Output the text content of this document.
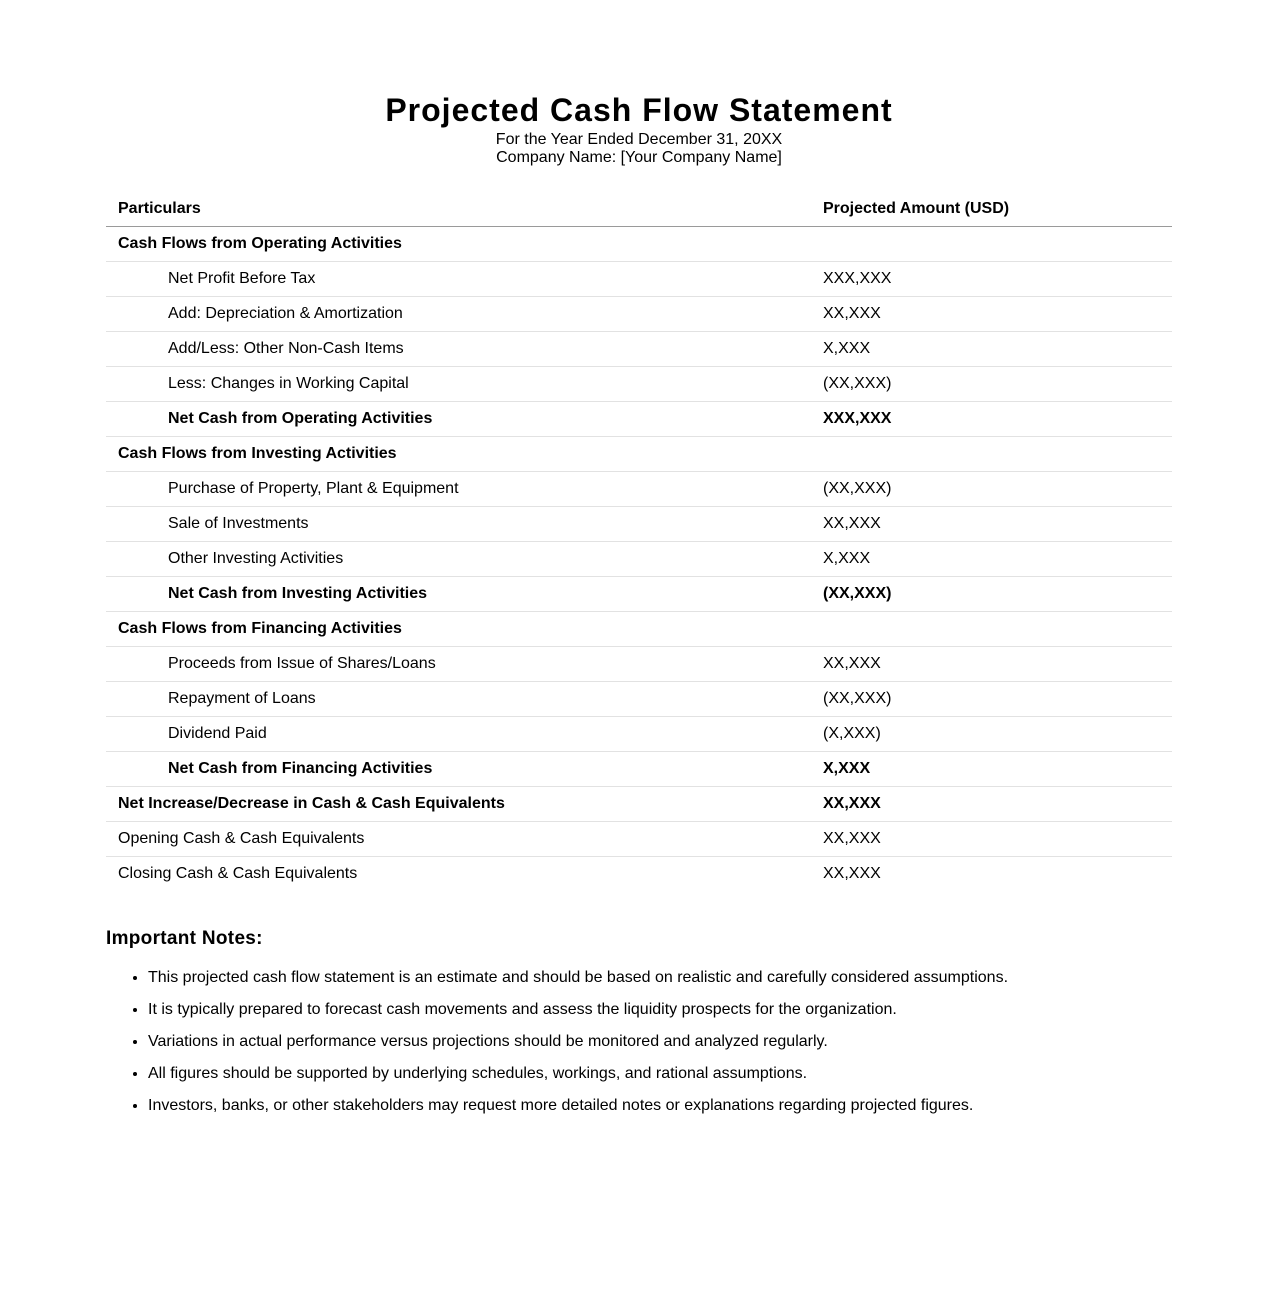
Projected Cash Flow Statement
For the Year Ended December 31, 20XX
Company Name: [Your Company Name]
Particulars	Projected Amount (USD)
Cash Flows from Operating Activities	
Net Profit Before Tax	XXX,XXX
Add: Depreciation & Amortization	XX,XXX
Add/Less: Other Non-Cash Items	X,XXX
Less: Changes in Working Capital	(XX,XXX)
Net Cash from Operating Activities	XXX,XXX
Cash Flows from Investing Activities	
Purchase of Property, Plant & Equipment	(XX,XXX)
Sale of Investments	XX,XXX
Other Investing Activities	X,XXX
Net Cash from Investing Activities	(XX,XXX)
Cash Flows from Financing Activities	
Proceeds from Issue of Shares/Loans	XX,XXX
Repayment of Loans	(XX,XXX)
Dividend Paid	(X,XXX)
Net Cash from Financing Activities	X,XXX
Net Increase/Decrease in Cash & Cash Equivalents	XX,XXX
Opening Cash & Cash Equivalents	XX,XXX
Closing Cash & Cash Equivalents	XX,XXX
Important Notes:
• This projected cash flow statement is an estimate and should be based on realistic and carefully considered assumptions.
• It is typically prepared to forecast cash movements and assess the liquidity prospects for the organization.
• Variations in actual performance versus projections should be monitored and analyzed regularly.
• All figures should be supported by underlying schedules, workings, and rational assumptions.
• Investors, banks, or other stakeholders may request more detailed notes or explanations regarding projected figures.
